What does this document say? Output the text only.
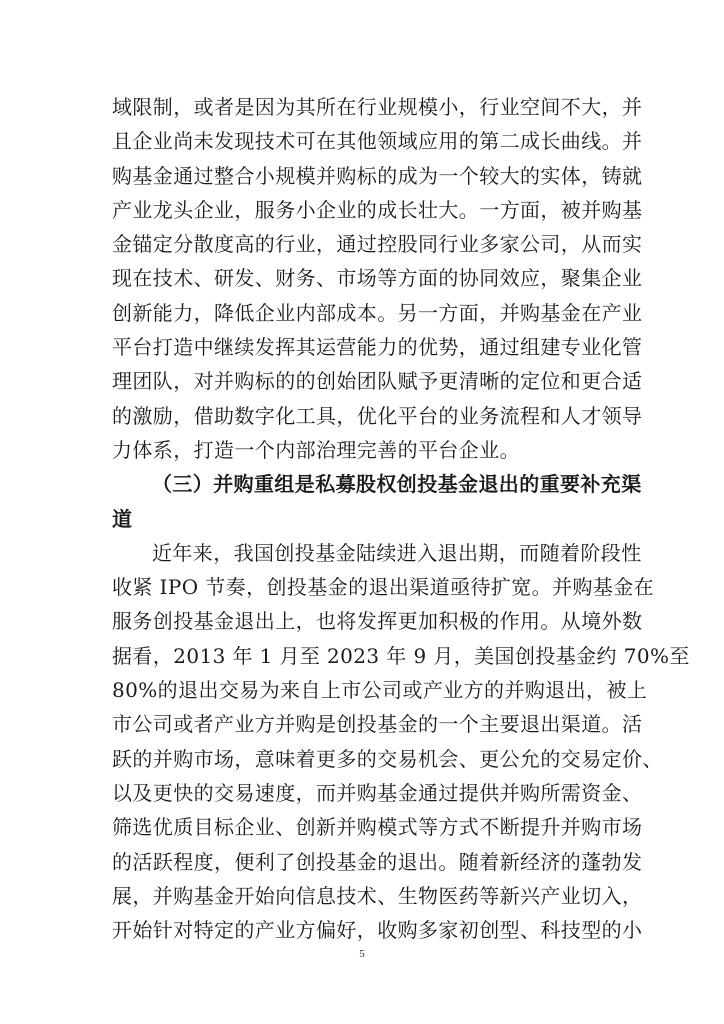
域限制，或者是因为其所在行业规模小，行业空间不大，并
且企业尚未发现技术可在其他领域应用的第二成长曲线。并
购基金通过整合小规模并购标的成为一个较大的实体，铸就
产业龙头企业，服务小企业的成长壮大。一方面，被并购基
金锚定分散度高的行业，通过控股同行业多家公司，从而实
现在技术、研发、财务、市场等方面的协同效应，聚集企业
创新能力，降低企业内部成本。另一方面，并购基金在产业
平台打造中继续发挥其运营能力的优势，通过组建专业化管
理团队，对并购标的的创始团队赋予更清晰的定位和更合适
的激励，借助数字化工具，优化平台的业务流程和人才领导
力体系，打造一个内部治理完善的平台企业。
（三）并购重组是私募股权创投基金退出的重要补充渠
道
近年来，我国创投基金陆续进入退出期，而随着阶段性
收紧 IPO 节奏，创投基金的退出渠道亟待扩宽。并购基金在
服务创投基金退出上，也将发挥更加积极的作用。从境外数
据看，2013 年 1 月至 2023 年 9 月，美国创投基金约 70%至
80%的退出交易为来自上市公司或产业方的并购退出，被上
市公司或者产业方并购是创投基金的一个主要退出渠道。活
跃的并购市场，意味着更多的交易机会、更公允的交易定价、
以及更快的交易速度，而并购基金通过提供并购所需资金、
筛选优质目标企业、创新并购模式等方式不断提升并购市场
的活跃程度，便利了创投基金的退出。随着新经济的蓬勃发
展，并购基金开始向信息技术、生物医药等新兴产业切入，
开始针对特定的产业方偏好，收购多家初创型、科技型的小
5
